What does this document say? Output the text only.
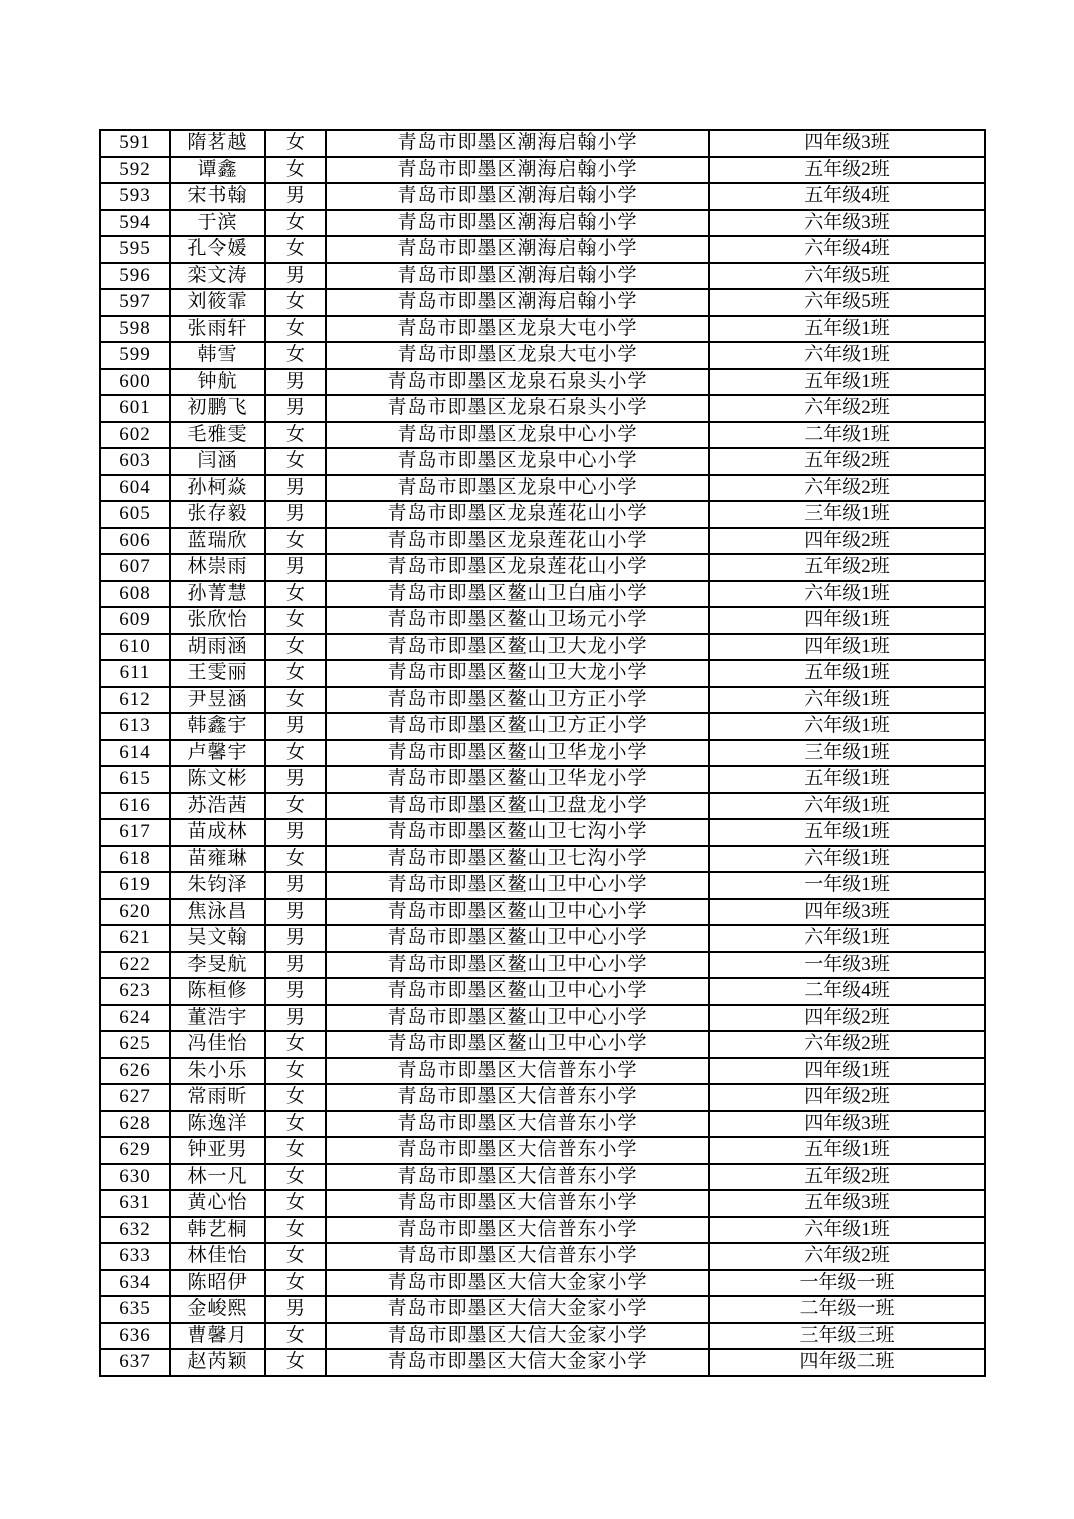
591	隋茗越	女	青岛市即墨区潮海启翰小学	四年级3班
592	谭鑫	女	青岛市即墨区潮海启翰小学	五年级2班
593	宋书翰	男	青岛市即墨区潮海启翰小学	五年级4班
594	于滨	女	青岛市即墨区潮海启翰小学	六年级3班
595	孔令媛	女	青岛市即墨区潮海启翰小学	六年级4班
596	栾文涛	男	青岛市即墨区潮海启翰小学	六年级5班
597	刘筱霏	女	青岛市即墨区潮海启翰小学	六年级5班
598	张雨轩	女	青岛市即墨区龙泉大屯小学	五年级1班
599	韩雪	女	青岛市即墨区龙泉大屯小学	六年级1班
600	钟航	男	青岛市即墨区龙泉石泉头小学	五年级1班
601	初鹏飞	男	青岛市即墨区龙泉石泉头小学	六年级2班
602	毛雅雯	女	青岛市即墨区龙泉中心小学	二年级1班
603	闫涵	女	青岛市即墨区龙泉中心小学	五年级2班
604	孙柯焱	男	青岛市即墨区龙泉中心小学	六年级2班
605	张存毅	男	青岛市即墨区龙泉莲花山小学	三年级1班
606	蓝瑞欣	女	青岛市即墨区龙泉莲花山小学	四年级2班
607	林崇雨	男	青岛市即墨区龙泉莲花山小学	五年级2班
608	孙菁慧	女	青岛市即墨区鳌山卫白庙小学	六年级1班
609	张欣怡	女	青岛市即墨区鳌山卫场元小学	四年级1班
610	胡雨涵	女	青岛市即墨区鳌山卫大龙小学	四年级1班
611	王雯丽	女	青岛市即墨区鳌山卫大龙小学	五年级1班
612	尹昱涵	女	青岛市即墨区鳌山卫方正小学	六年级1班
613	韩鑫宇	男	青岛市即墨区鳌山卫方正小学	六年级1班
614	卢馨宇	女	青岛市即墨区鳌山卫华龙小学	三年级1班
615	陈文彬	男	青岛市即墨区鳌山卫华龙小学	五年级1班
616	苏浩茜	女	青岛市即墨区鳌山卫盘龙小学	六年级1班
617	苗成林	男	青岛市即墨区鳌山卫七沟小学	五年级1班
618	苗雍琳	女	青岛市即墨区鳌山卫七沟小学	六年级1班
619	朱钧泽	男	青岛市即墨区鳌山卫中心小学	一年级1班
620	焦泳昌	男	青岛市即墨区鳌山卫中心小学	四年级3班
621	吴文翰	男	青岛市即墨区鳌山卫中心小学	六年级1班
622	李旻航	男	青岛市即墨区鳌山卫中心小学	一年级3班
623	陈桓修	男	青岛市即墨区鳌山卫中心小学	二年级4班
624	董浩宇	男	青岛市即墨区鳌山卫中心小学	四年级2班
625	冯佳怡	女	青岛市即墨区鳌山卫中心小学	六年级2班
626	朱小乐	女	青岛市即墨区大信普东小学	四年级1班
627	常雨昕	女	青岛市即墨区大信普东小学	四年级2班
628	陈逸洋	女	青岛市即墨区大信普东小学	四年级3班
629	钟亚男	女	青岛市即墨区大信普东小学	五年级1班
630	林一凡	女	青岛市即墨区大信普东小学	五年级2班
631	黄心怡	女	青岛市即墨区大信普东小学	五年级3班
632	韩艺桐	女	青岛市即墨区大信普东小学	六年级1班
633	林佳怡	女	青岛市即墨区大信普东小学	六年级2班
634	陈昭伊	女	青岛市即墨区大信大金家小学	一年级一班
635	金峻熙	男	青岛市即墨区大信大金家小学	二年级一班
636	曹馨月	女	青岛市即墨区大信大金家小学	三年级三班
637	赵芮颖	女	青岛市即墨区大信大金家小学	四年级二班
